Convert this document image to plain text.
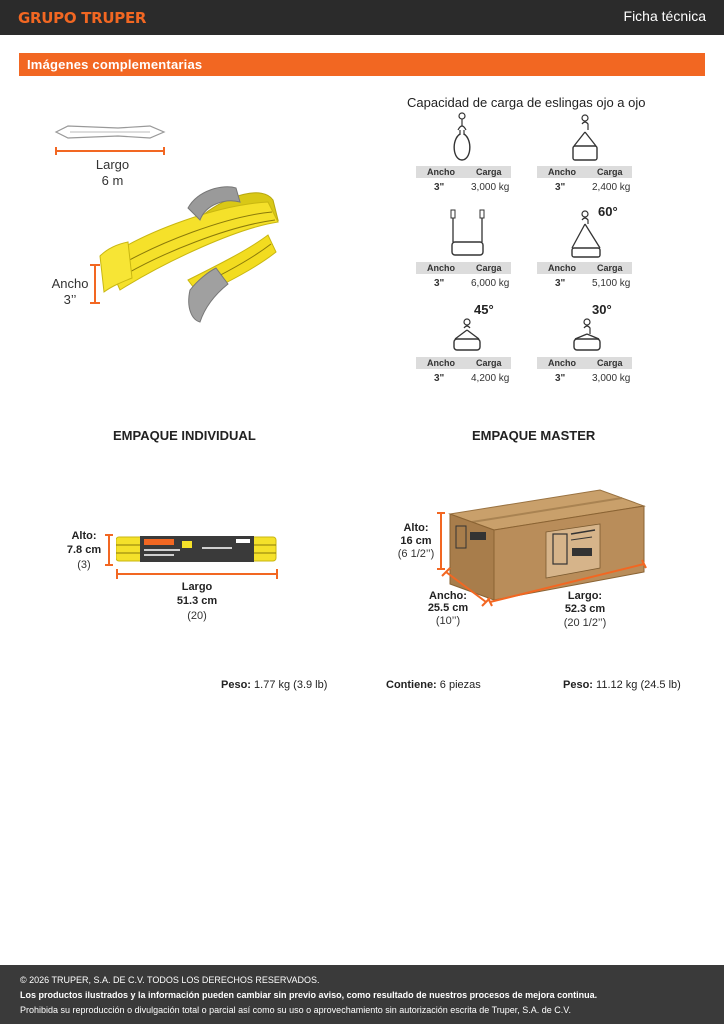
GRUPO TRUPER	Ficha técnica
Imágenes complementarias
Largo
6 m
Ancho
3’’
Capacidad de carga de eslingas ojo a ojo
60°
45°	30°
Ancho Carga
3"	3,000 kg
Ancho Carga
3"	2,400 kg
Ancho Carga
3"	6,000 kg
Ancho Carga
3"	5,100 kg
Ancho Carga
3"	4,200 kg
Ancho Carga
3"	3,000 kg
EMPAQUE INDIVIDUAL	EMPAQUE MASTER
Alto:
7.8 cm
(3)
Largo
51.3 cm
(20)
Alto:
16 cm
(6 1/2’’)
Ancho:
25.5 cm
(10’’)
Largo:
52.3 cm
(20 1/2’’)
Peso: 1.77 kg (3.9 lb)	Contiene: 6 piezas	Peso: 11.12 kg (24.5 lb)
© 2026 TRUPER, S.A. DE C.V. TODOS LOS DERECHOS RESERVADOS.
Los productos ilustrados y la información pueden cambiar sin previo aviso, como resultado de nuestros procesos de mejora continua.
Prohibida su reproducción o divulgación total o parcial así como su uso o aprovechamiento sin autorización escrita de Truper, S.A. de C.V.
